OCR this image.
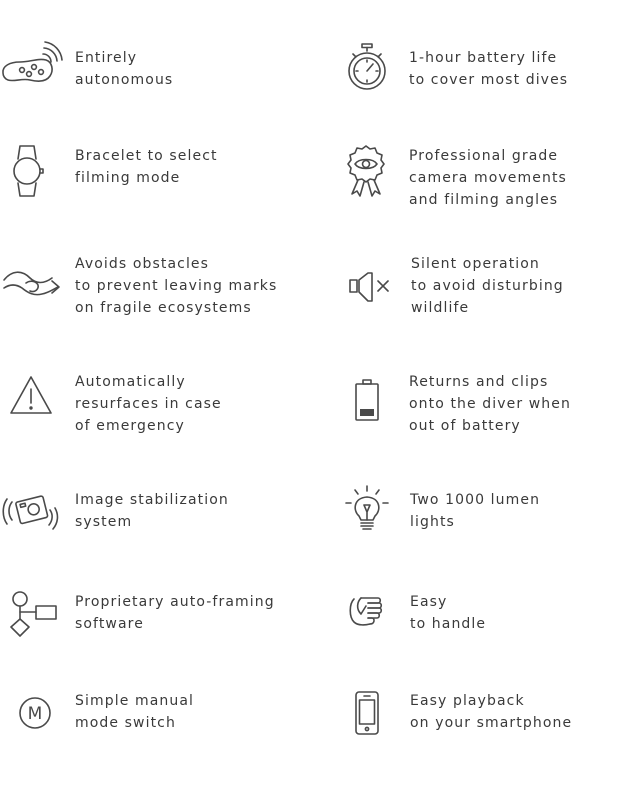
Entirely
autonomous
Bracelet to select
filming mode
Avoids obstacles
to prevent leaving marks
on fragile ecosystems
Automatically
resurfaces in case
of emergency
Image stabilization
system
Proprietary auto-framing
software
M
Simple manual
mode switch
1-hour battery life
to cover most dives
Professional grade
camera movements
and filming angles
Silent operation
to avoid disturbing
wildlife
Returns and clips
onto the diver when
out of battery
Two 1000 lumen
lights
Easy
to handle
Easy playback
on your smartphone
